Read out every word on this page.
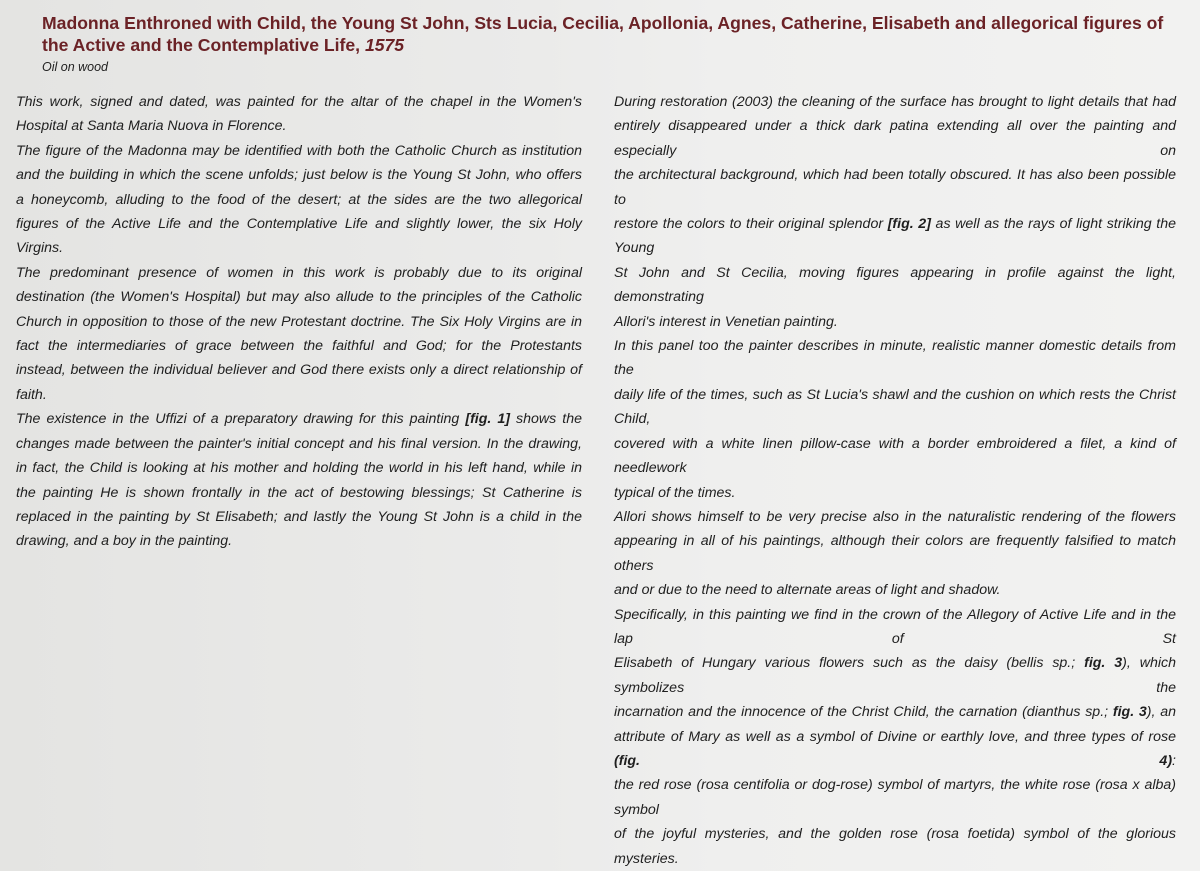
Madonna Enthroned with Child, the Young St John, Sts Lucia, Cecilia, Apollonia, Agnes, Catherine, Elisabeth and allegorical figures of the Active and the Contemplative Life, 1575
Oil on wood

This work, signed and dated, was painted for the altar of the chapel in the Women's
Hospital at Santa Maria Nuova in Florence.

The figure of the Madonna may be identified with both the Catholic Church as institution
and the building in which the scene unfolds; just below is the Young St John, who offers
a honeycomb, alluding to the food of the desert; at the sides are the two allegorical
figures of the Active Life and the Contemplative Life and slightly lower, the six Holy
Virgins.

The predominant presence of women in this work is probably due to its original
destination (the Women's Hospital) but may also allude to the principles of the Catholic
Church in opposition to those of the new Protestant doctrine. The Six Holy Virgins are in
fact the intermediaries of grace between the faithful and God; for the Protestants
instead, between the individual believer and God there exists only a direct relationship of
faith.

The existence in the Uffizi of a preparatory drawing for this painting [fig. 1] shows the
changes made between the painter's initial concept and his final version. In the drawing,
in fact, the Child is looking at his mother and holding the world in his left hand, while in
the painting He is shown frontally in the act of bestowing blessings; St Catherine is
replaced in the painting by St Elisabeth; and lastly the Young St John is a child in the
drawing, and a boy in the painting.

During restoration (2003) the cleaning of the surface has brought to light details that had
entirely disappeared under a thick dark patina extending all over the painting and especially on
the architectural background, which had been totally obscured. It has also been possible to
restore the colors to their original splendor [fig. 2] as well as the rays of light striking the Young
St John and St Cecilia, moving figures appearing in profile against the light, demonstrating
Allori's interest in Venetian painting.

In this panel too the painter describes in minute, realistic manner domestic details from the
daily life of the times, such as St Lucia's shawl and the cushion on which rests the Christ Child,
covered with a white linen pillow-case with a border embroidered a filet, a kind of needlework
typical of the times.

Allori shows himself to be very precise also in the naturalistic rendering of the flowers
appearing in all of his paintings, although their colors are frequently falsified to match others
and or due to the need to alternate areas of light and shadow.

Specifically, in this painting we find in the crown of the Allegory of Active Life and in the lap of St
Elisabeth of Hungary various flowers such as the daisy (bellis sp.; fig. 3), which symbolizes the
incarnation and the innocence of the Christ Child, the carnation (dianthus sp.; fig. 3), an
attribute of Mary as well as a symbol of Divine or earthly love, and three types of rose (fig. 4):
the red rose (rosa centifolia or dog-rose) symbol of martyrs, the white rose (rosa x alba) symbol
of the joyful mysteries, and the golden rose (rosa foetida) symbol of the glorious mysteries.
